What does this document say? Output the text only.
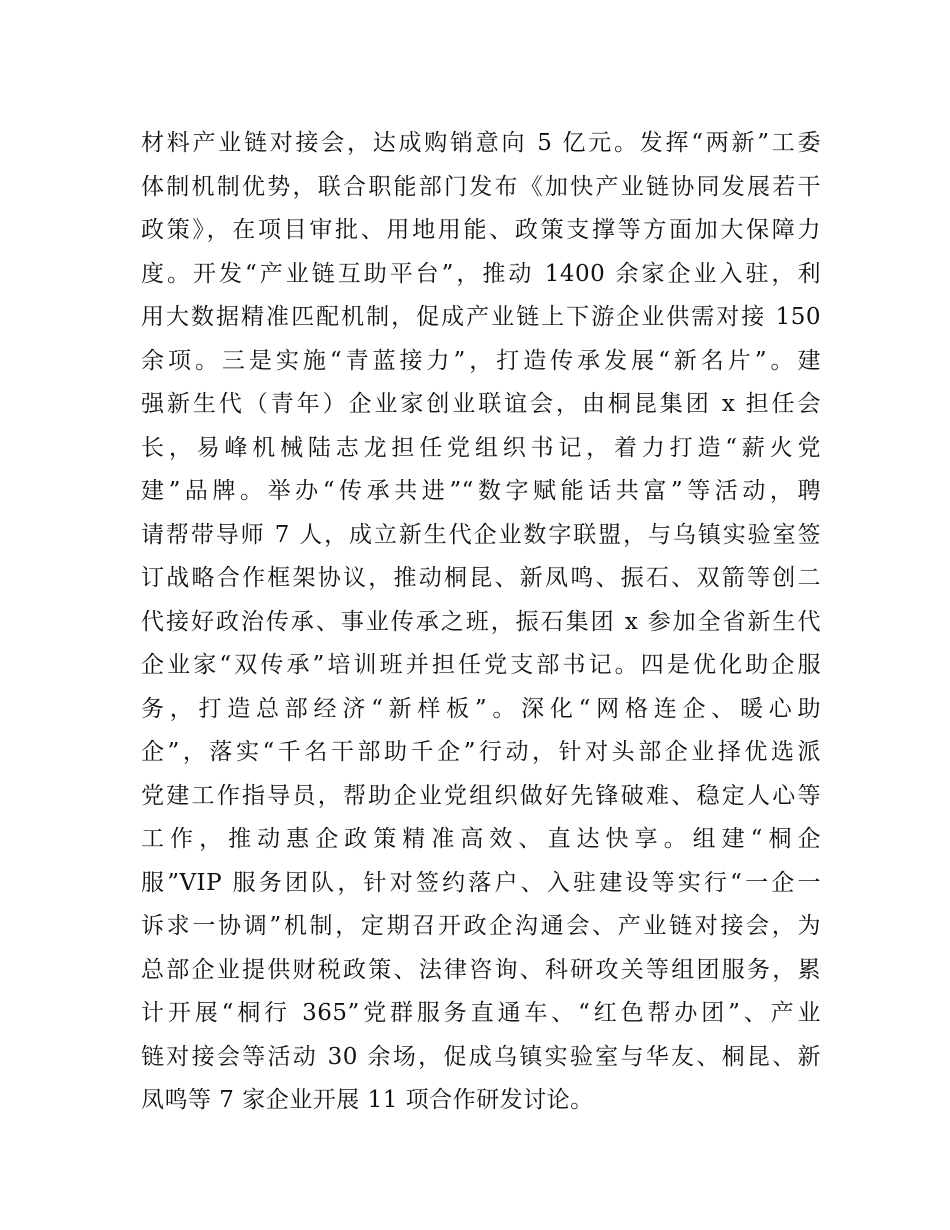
材料产业链对接会，达成购销意向 5 亿元。发挥“两新”工委
体制机制优势，联合职能部门发布《加快产业链协同发展若干
政策》，在项目审批、用地用能、政策支撑等方面加大保障力
度。开发“产业链互助平台”，推动 1400 余家企业入驻，利
用大数据精准匹配机制，促成产业链上下游企业供需对接 150
余项。三是实施“青蓝接力”，打造传承发展“新名片”。建
强新生代（青年）企业家创业联谊会，由桐昆集团 x 担任会
长，易峰机械陆志龙担任党组织书记，着力打造“薪火党
建”品牌。举办“传承共进”“数字赋能话共富”等活动，聘
请帮带导师 7 人，成立新生代企业数字联盟，与乌镇实验室签
订战略合作框架协议，推动桐昆、新凤鸣、振石、双箭等创二
代接好政治传承、事业传承之班，振石集团 x 参加全省新生代
企业家“双传承”培训班并担任党支部书记。四是优化助企服
务，打造总部经济“新样板”。深化“网格连企、暖心助
企”，落实“千名干部助千企”行动，针对头部企业择优选派
党建工作指导员，帮助企业党组织做好先锋破难、稳定人心等
工作，推动惠企政策精准高效、直达快享。组建“桐企
服”VIP 服务团队，针对签约落户、入驻建设等实行“一企一
诉求一协调”机制，定期召开政企沟通会、产业链对接会，为
总部企业提供财税政策、法律咨询、科研攻关等组团服务，累
计开展“桐行 365”党群服务直通车、“红色帮办团”、产业
链对接会等活动 30 余场，促成乌镇实验室与华友、桐昆、新
凤鸣等 7 家企业开展 11 项合作研发讨论。
